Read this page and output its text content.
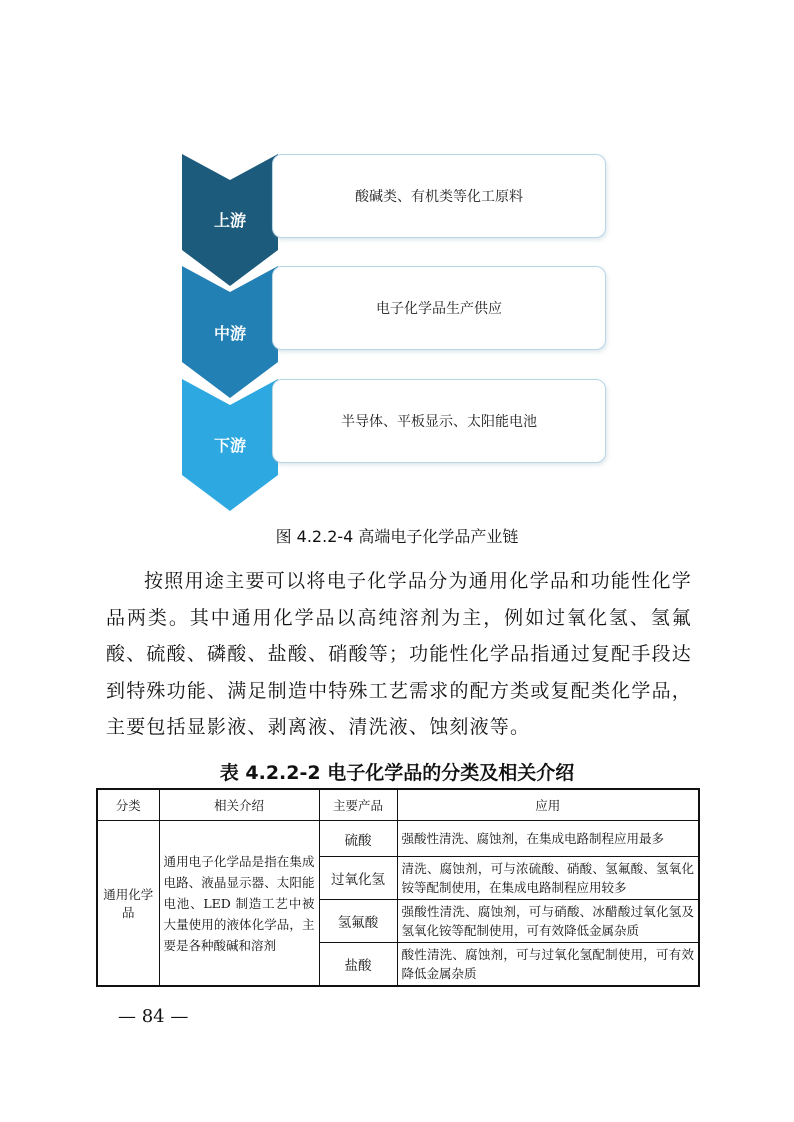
酸碱类、有机类等化工原料
电子化学品生产供应
半导体、平板显示、太阳能电池
上游
中游
下游
图 4.2.2-4 高端电子化学品产业链

按照用途主要可以将电子化学品分为通用化学品和功能性化学品两类。其中通用化学品以高纯溶剂为主，例如过氧化氢、氢氟酸、硫酸、磷酸、盐酸、硝酸等；功能性化学品指通过复配手段达到特殊功能、满足制造中特殊工艺需求的配方类或复配类化学品，主要包括显影液、剥离液、清洗液、蚀刻液等。

表 4.2.2-2 电子化学品的分类及相关介绍
分类	相关介绍	主要产品	应用
通用化学品	通用电子化学品是指在集成电路、液晶显示器、太阳能电池、LED 制造工艺中被大量使用的液体化学品，主要是各种酸碱和溶剂	硫酸	强酸性清洗、腐蚀剂，在集成电路制程应用最多
		过氧化氢	清洗、腐蚀剂，可与浓硫酸、硝酸、氢氟酸、氢氧化铵等配制使用，在集成电路制程应用较多
		氢氟酸	强酸性清洗、腐蚀剂，可与硝酸、冰醋酸过氧化氢及氢氧化铵等配制使用，可有效降低金属杂质
		盐酸	酸性清洗、腐蚀剂，可与过氧化氢配制使用，可有效降低金属杂质
— 84 —
